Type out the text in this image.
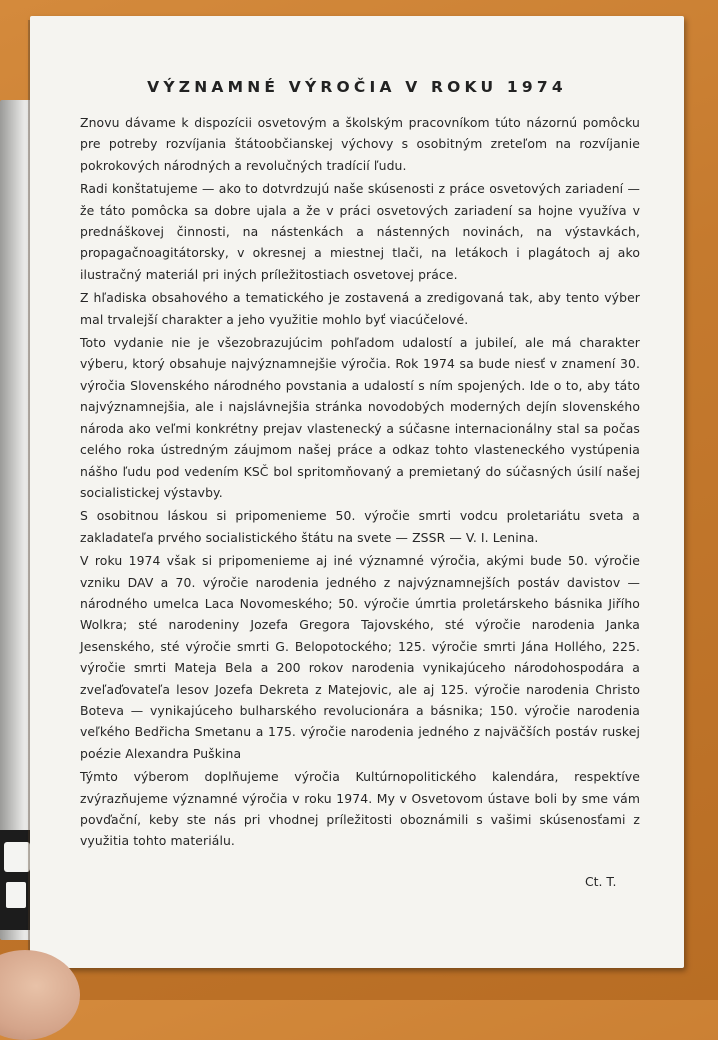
VÝZNAMNÉ VÝROČIA V ROKU 1974

Znovu dávame k dispozícii osvetovým a školským pracovníkom túto názornú pomôcku pre potreby rozvíjania štátoobčianskej výchovy s osobitným zreteľom na rozvíjanie pokrokových národných a revolučných tradícií ľudu.

Radi konštatujeme — ako to dotvrdzujú naše skúsenosti z práce osvetových zariadení — že táto pomôcka sa dobre ujala a že v práci osvetových zariadení sa hojne využíva v prednáškovej činnosti, na nástenkách a nástenných novinách, na výstavkách, propagačnoagitátorsky, v okresnej a miestnej tlači, na letákoch i plagátoch aj ako ilustračný materiál pri iných príležitostiach osvetovej práce.

Z hľadiska obsahového a tematického je zostavená a zredigovaná tak, aby tento výber mal trvalejší charakter a jeho využitie mohlo byť viacúčelové.

Toto vydanie nie je všezobrazujúcim pohľadom udalostí a jubileí, ale má charakter výberu, ktorý obsahuje najvýznamnejšie výročia. Rok 1974 sa bude niesť v znamení 30. výročia Slovenského národného povstania a udalostí s ním spojených. Ide o to, aby táto najvýznamnejšia, ale i najslávnejšia stránka novodobých moderných dejín slovenského národa ako veľmi konkrétny prejav vlastenecký a súčasne internacionálny stal sa počas celého roka ústredným záujmom našej práce a odkaz tohto vlasteneckého vystúpenia nášho ľudu pod vedením KSČ bol spritomňovaný a premietaný do súčasných úsilí našej socialistickej výstavby.

S osobitnou láskou si pripomenieme 50. výročie smrti vodcu proletariátu sveta a zakladateľa prvého socialistického štátu na svete — ZSSR — V. I. Lenina.

V roku 1974 však si pripomenieme aj iné významné výročia, akými bude 50. výročie vzniku DAV a 70. výročie narodenia jedného z najvýznamnejších postáv davistov — národného umelca Laca Novomeského; 50. výročie úmrtia proletárskeho básnika Jiřího Wolkra; sté narodeniny Jozefa Gregora Tajovského, sté výročie narodenia Janka Jesenského, sté výročie smrti G. Belopotockého; 125. výročie smrti Jána Hollého, 225. výročie smrti Mateja Bela a 200 rokov narodenia vynikajúceho národohospodára a zveľaďovateľa lesov Jozefa Dekreta z Matejovic, ale aj 125. výročie narodenia Christo Boteva — vynikajúceho bulharského revolucionára a básnika; 150. výročie narodenia veľkého Bedřicha Smetanu a 175. výročie narodenia jedného z najväčších postáv ruskej poézie Alexandra Puškina

Týmto výberom doplňujeme výročia Kultúrnopolitického kalendára, respektíve zvýrazňujeme významné výročia v roku 1974. My v Osvetovom ústave boli by sme vám povďační, keby ste nás pri vhodnej príležitosti oboznámili s vašimi skúsenosťami z využitia tohto materiálu.

Ct. T.
